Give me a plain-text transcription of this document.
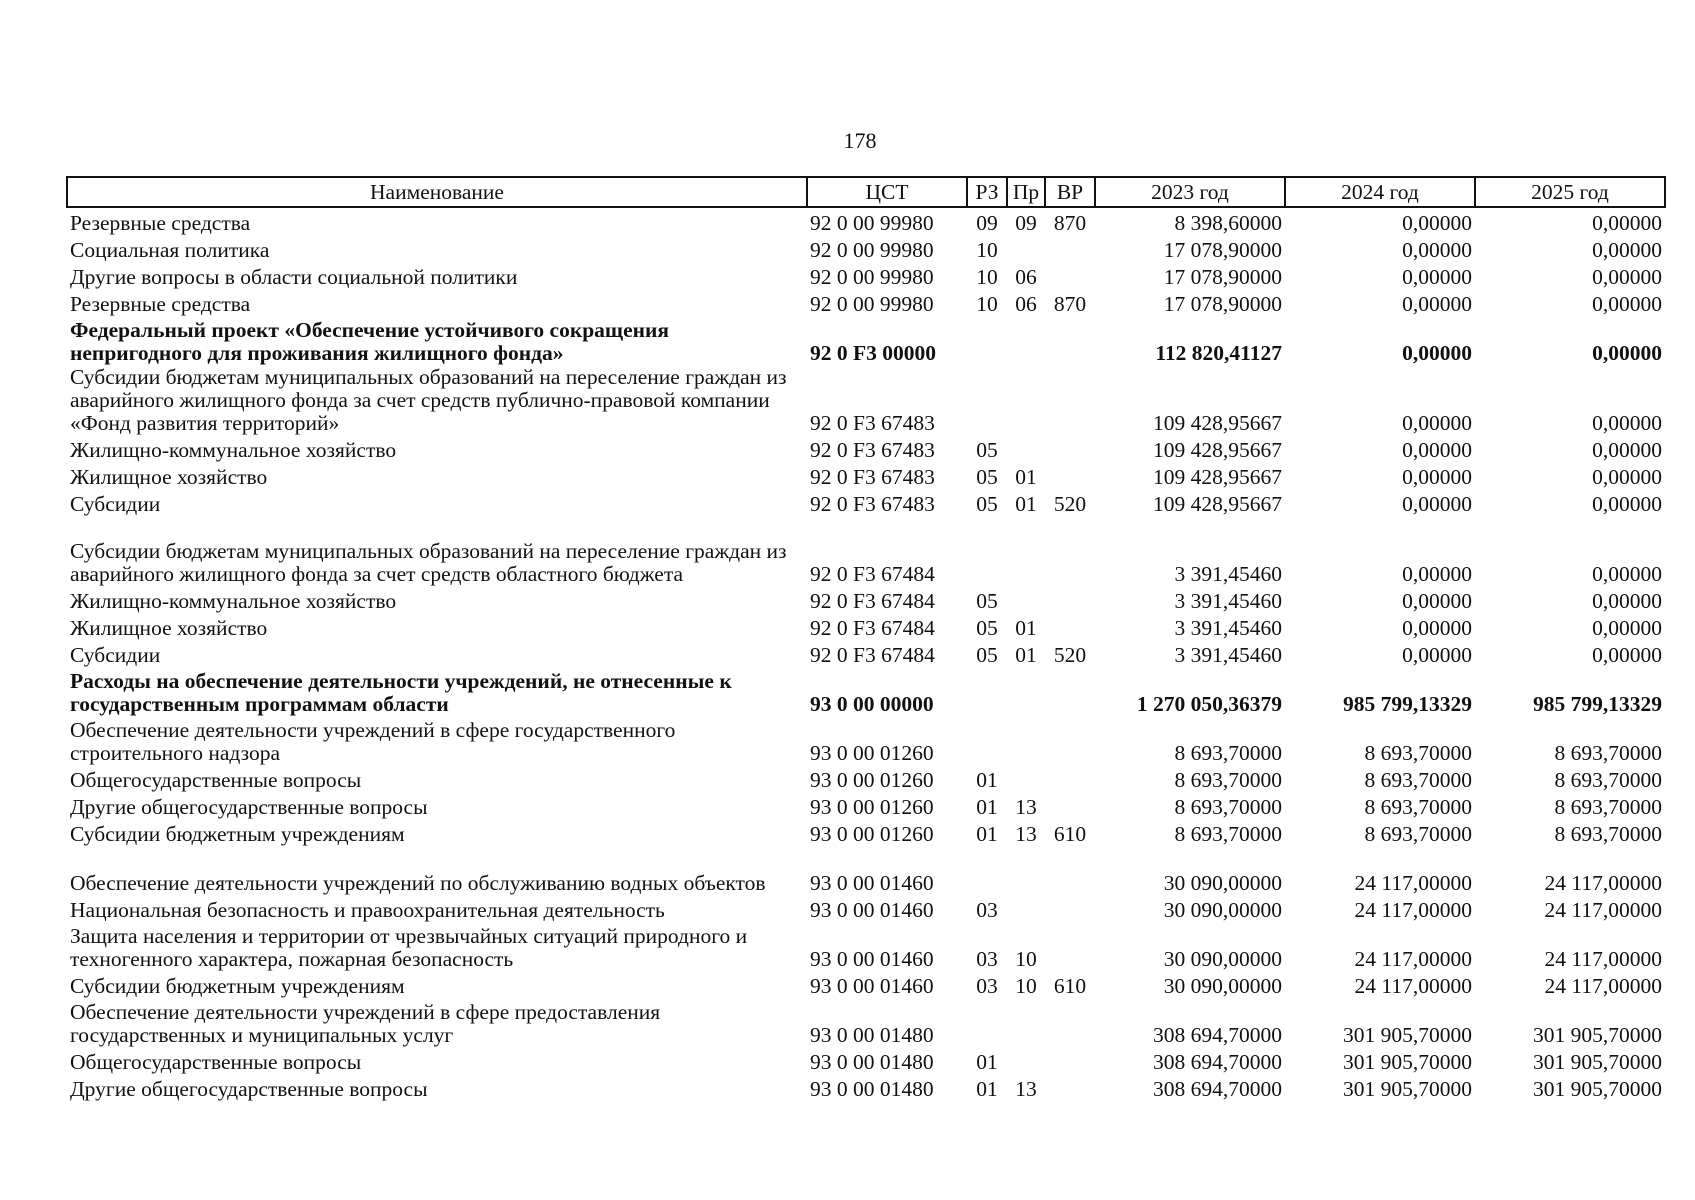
178
Наименование	ЦСТ	РЗ	Пр	ВР	2023 год	2024 год	2025 год
Резервные средства	92 0 00 99980	09	09	870	8 398,60000	0,00000	0,00000
Социальная политика	92 0 00 99980	10			17 078,90000	0,00000	0,00000
Другие вопросы в области социальной политики	92 0 00 99980	10	06		17 078,90000	0,00000	0,00000
Резервные средства	92 0 00 99980	10	06	870	17 078,90000	0,00000	0,00000
Федеральный проект «Обеспечение устойчивого сокращения непригодного для проживания жилищного фонда»	92 0 F3 00000				112 820,41127	0,00000	0,00000
Субсидии бюджетам муниципальных образований на переселение граждан из аварийного жилищного фонда за счет средств публично-правовой компании «Фонд развития территорий»	92 0 F3 67483				109 428,95667	0,00000	0,00000
Жилищно-коммунальное хозяйство	92 0 F3 67483	05			109 428,95667	0,00000	0,00000
Жилищное хозяйство	92 0 F3 67483	05	01		109 428,95667	0,00000	0,00000
Субсидии	92 0 F3 67483	05	01	520	109 428,95667	0,00000	0,00000
Субсидии бюджетам муниципальных образований на переселение граждан из аварийного жилищного фонда за счет средств областного бюджета	92 0 F3 67484				3 391,45460	0,00000	0,00000
Жилищно-коммунальное хозяйство	92 0 F3 67484	05			3 391,45460	0,00000	0,00000
Жилищное хозяйство	92 0 F3 67484	05	01		3 391,45460	0,00000	0,00000
Субсидии	92 0 F3 67484	05	01	520	3 391,45460	0,00000	0,00000
Расходы на обеспечение деятельности учреждений, не отнесенные к государственным программам области	93 0 00 00000				1 270 050,36379	985 799,13329	985 799,13329
Обеспечение деятельности учреждений в сфере государственного строительного надзора	93 0 00 01260				8 693,70000	8 693,70000	8 693,70000
Общегосударственные вопросы	93 0 00 01260	01			8 693,70000	8 693,70000	8 693,70000
Другие общегосударственные вопросы	93 0 00 01260	01	13		8 693,70000	8 693,70000	8 693,70000
Субсидии бюджетным учреждениям	93 0 00 01260	01	13	610	8 693,70000	8 693,70000	8 693,70000
Обеспечение деятельности учреждений по обслуживанию водных объектов	93 0 00 01460				30 090,00000	24 117,00000	24 117,00000
Национальная безопасность и правоохранительная деятельность	93 0 00 01460	03			30 090,00000	24 117,00000	24 117,00000
Защита населения и территории от чрезвычайных ситуаций природного и техногенного характера, пожарная безопасность	93 0 00 01460	03	10		30 090,00000	24 117,00000	24 117,00000
Субсидии бюджетным учреждениям	93 0 00 01460	03	10	610	30 090,00000	24 117,00000	24 117,00000
Обеспечение деятельности учреждений в сфере предоставления государственных и муниципальных услуг	93 0 00 01480				308 694,70000	301 905,70000	301 905,70000
Общегосударственные вопросы	93 0 00 01480	01			308 694,70000	301 905,70000	301 905,70000
Другие общегосударственные вопросы	93 0 00 01480	01	13		308 694,70000	301 905,70000	301 905,70000
